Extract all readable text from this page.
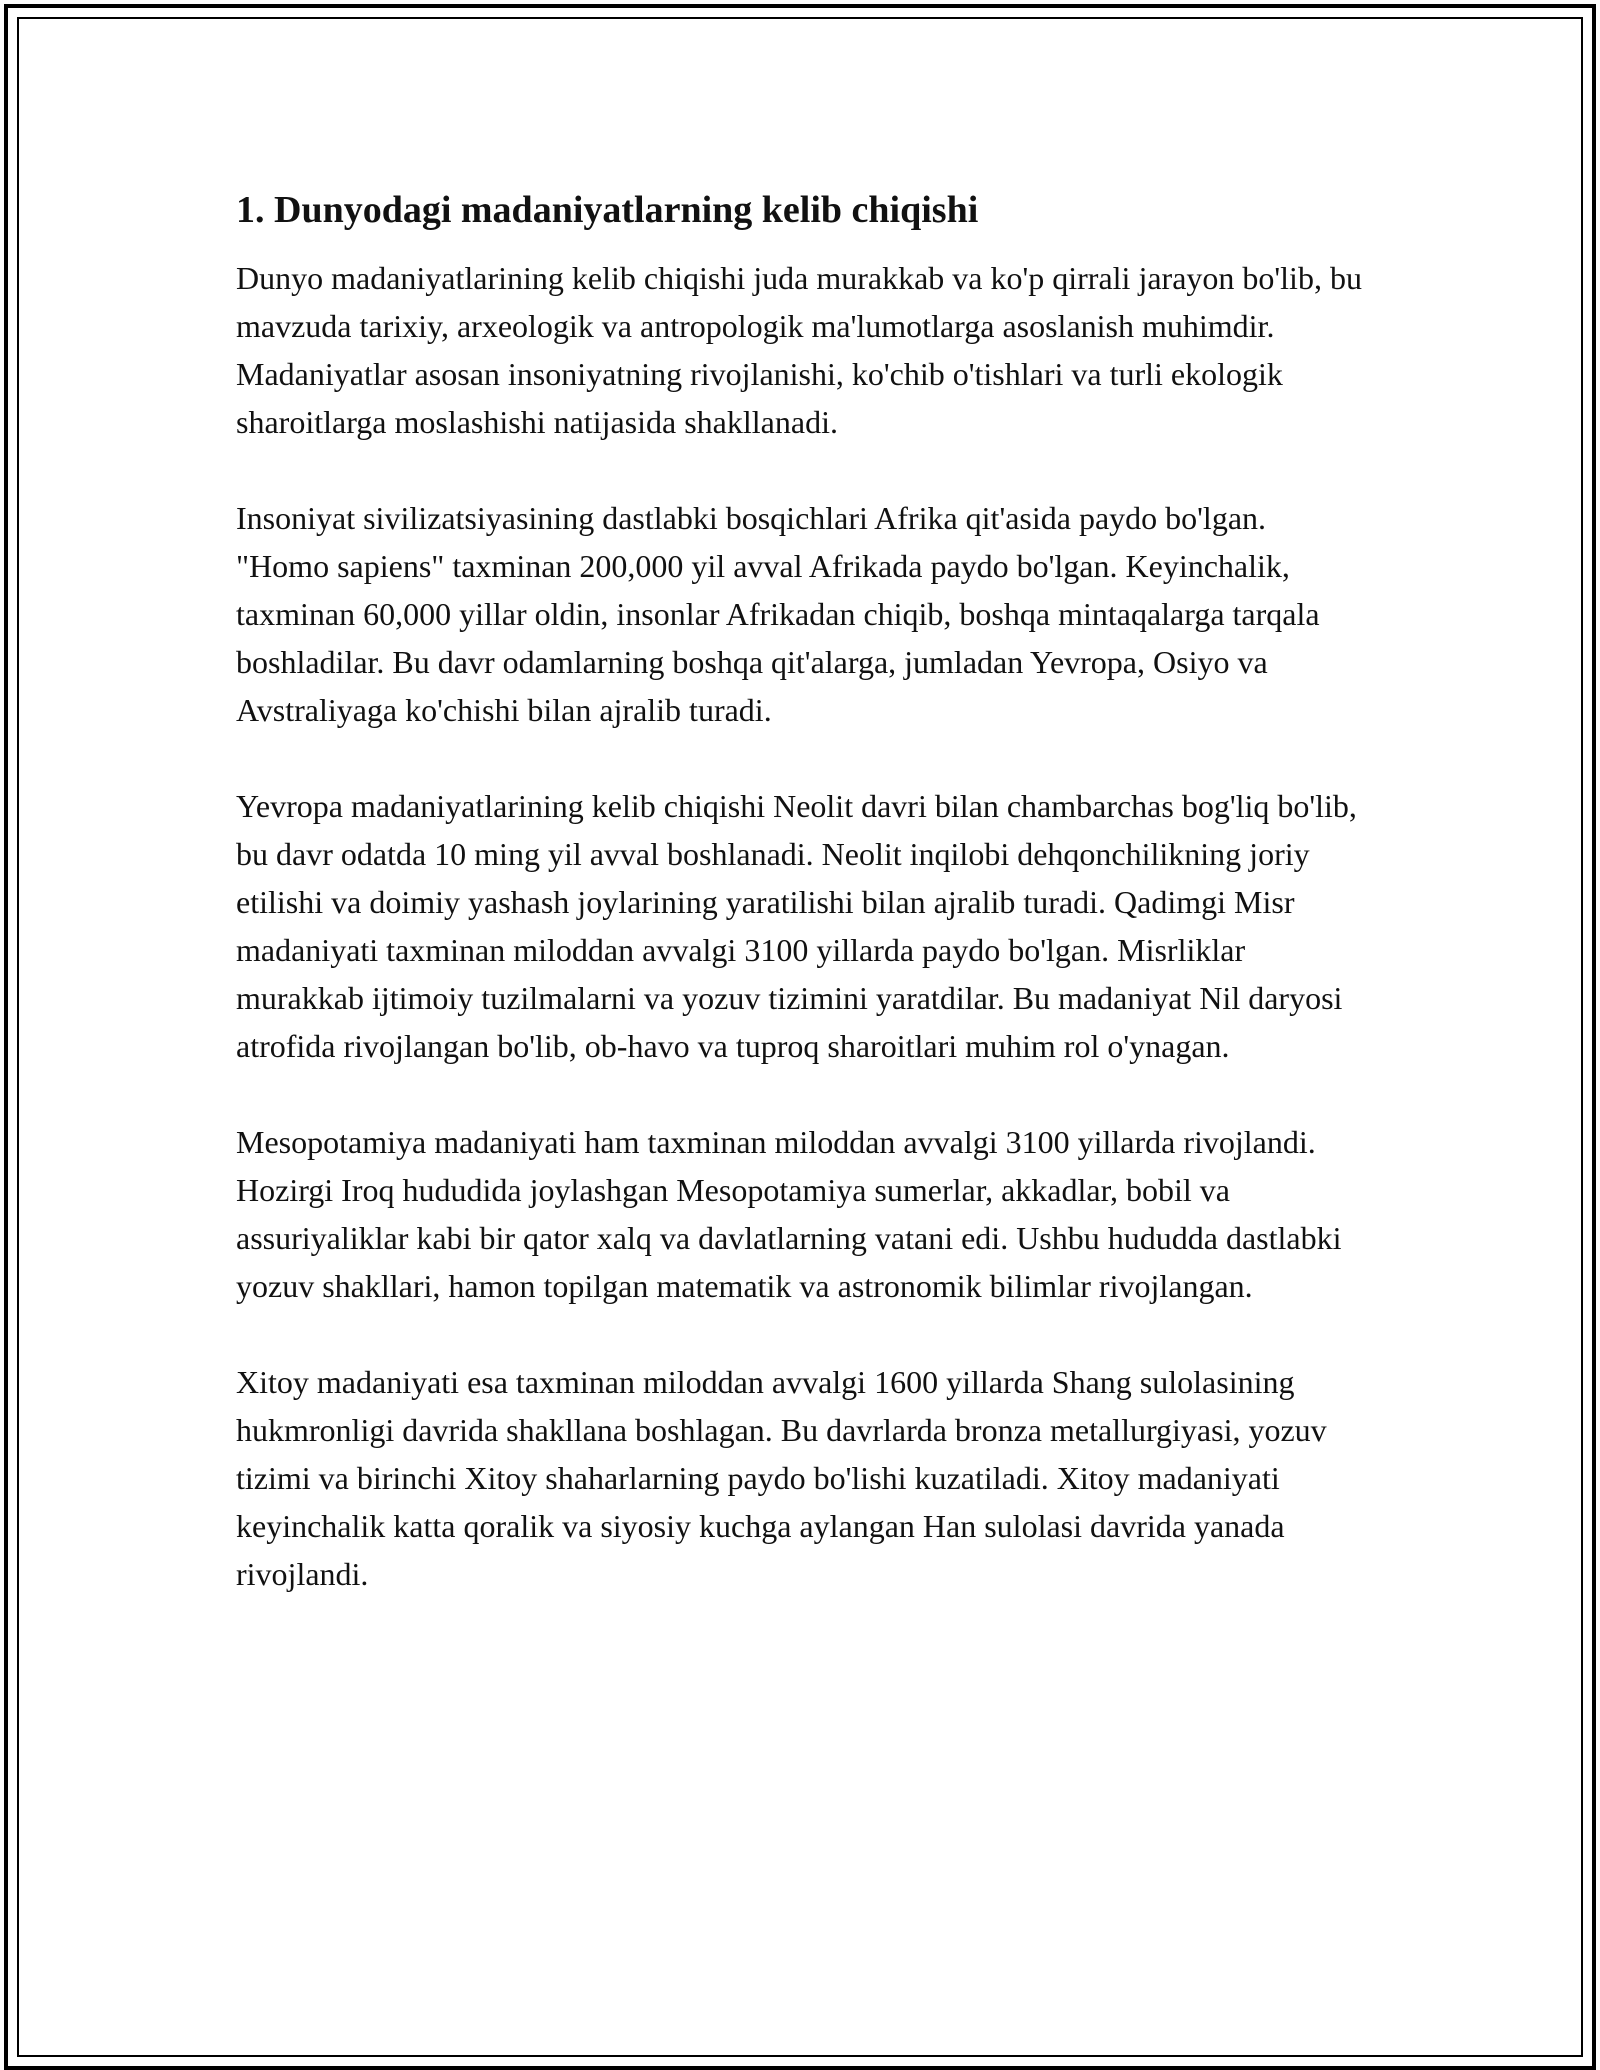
1. Dunyodagi madaniyatlarning kelib chiqishi

Dunyo madaniyatlarining kelib chiqishi juda murakkab va ko'p qirrali jarayon bo'lib, bu mavzuda tarixiy, arxeologik va antropologik ma'lumotlarga asoslanish muhimdir. Madaniyatlar asosan insoniyatning rivojlanishi, ko'chib o'tishlari va turli ekologik sharoitlarga moslashishi natijasida shakllanadi.

Insoniyat sivilizatsiyasining dastlabki bosqichlari Afrika qit'asida paydo bo'lgan. "Homo sapiens" taxminan 200,000 yil avval Afrikada paydo bo'lgan. Keyinchalik, taxminan 60,000 yillar oldin, insonlar Afrikadan chiqib, boshqa mintaqalarga tarqala boshladilar. Bu davr odamlarning boshqa qit'alarga, jumladan Yevropa, Osiyo va Avstraliyaga ko'chishi bilan ajralib turadi.

Yevropa madaniyatlarining kelib chiqishi Neolit davri bilan chambarchas bog'liq bo'lib, bu davr odatda 10 ming yil avval boshlanadi. Neolit inqilobi dehqonchilikning joriy etilishi va doimiy yashash joylarining yaratilishi bilan ajralib turadi. Qadimgi Misr madaniyati taxminan miloddan avvalgi 3100 yillarda paydo bo'lgan. Misrliklar murakkab ijtimoiy tuzilmalarni va yozuv tizimini yaratdilar. Bu madaniyat Nil daryosi atrofida rivojlangan bo'lib, ob-havo va tuproq sharoitlari muhim rol o'ynagan.

Mesopotamiya madaniyati ham taxminan miloddan avvalgi 3100 yillarda rivojlandi. Hozirgi Iroq hududida joylashgan Mesopotamiya sumerlar, akkadlar, bobil va assuriyaliklar kabi bir qator xalq va davlatlarning vatani edi. Ushbu hududda dastlabki yozuv shakllari, hamon topilgan matematik va astronomik bilimlar rivojlangan.

Xitoy madaniyati esa taxminan miloddan avvalgi 1600 yillarda Shang sulolasining hukmronligi davrida shakllana boshlagan. Bu davrlarda bronza metallurgiyasi, yozuv tizimi va birinchi Xitoy shaharlarning paydo bo'lishi kuzatiladi. Xitoy madaniyati keyinchalik katta qoralik va siyosiy kuchga aylangan Han sulolasi davrida yanada rivojlandi.
